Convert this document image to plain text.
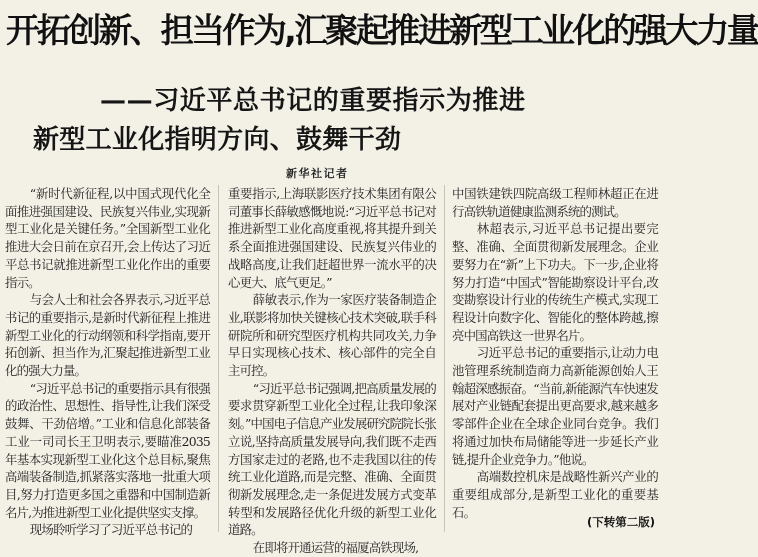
开拓创新、担当作为,汇聚起推进新型工业化的强大力量
——习近平总书记的重要指示为推进
新型工业化指明方向、鼓舞干劲
新华社记者

“新时代新征程,以中国式现代化全面推进强国建设、民族复兴伟业,实现新型工业化是关键任务。”全国新型工业化推进大会日前在京召开,会上传达了习近平总书记就推进新型工业化作出的重要指示。

与会人士和社会各界表示,习近平总书记的重要指示,是新时代新征程上推进新型工业化的行动纲领和科学指南,要开拓创新、担当作为,汇聚起推进新型工业化的强大力量。

“习近平总书记的重要指示具有很强的政治性、思想性、指导性,让我们深受鼓舞、干劲倍增。”工业和信息化部装备工业一司司长王卫明表示,要瞄准2035年基本实现新型工业化这个总目标,聚焦高端装备制造,抓紧落实落地一批重大项目,努力打造更多国之重器和中国制造新名片,为推进新型工业化提供坚实支撑。

现场聆听学习了习近平总书记的

重要指示,上海联影医疗技术集团有限公司董事长薛敏感慨地说:“习近平总书记对推进新型工业化高度重视,将其提升到关系全面推进强国建设、民族复兴伟业的战略高度,让我们赶超世界一流水平的决心更大、底气更足。”

薛敏表示,作为一家医疗装备制造企业,联影将加快关键核心技术突破,联手科研院所和研究型医疗机构共同攻关,力争早日实现核心技术、核心部件的完全自主可控。

“习近平总书记强调,把高质量发展的要求贯穿新型工业化全过程,让我印象深刻。”中国电子信息产业发展研究院院长张立说,坚持高质量发展导向,我们既不走西方国家走过的老路,也不走我国以往的传统工业化道路,而是完整、准确、全面贯彻新发展理念,走一条促进发展方式变革转型和发展路径优化升级的新型工业化道路。

在即将开通运营的福厦高铁现场,

中国铁建铁四院高级工程师林超正在进行高铁轨道健康监测系统的测试。

林超表示,习近平总书记提出要完整、准确、全面贯彻新发展理念。企业要努力在“新”上下功夫。下一步,企业将努力打造“中国式”智能勘察设计平台,改变勘察设计行业的传统生产模式,实现工程设计向数字化、智能化的整体跨越,擦亮中国高铁这一世界名片。

习近平总书记的重要指示,让动力电池管理系统制造商力高新能源创始人王翰超深感振奋。“当前,新能源汽车快速发展对产业链配套提出更高要求,越来越多零部件企业在全球企业同台竞争。我们将通过加快布局储能等进一步延长产业链,提升企业竞争力。”他说。

高端数控机床是战略性新兴产业的重要组成部分,是新型工业化的重要基石。

(下转第二版)
